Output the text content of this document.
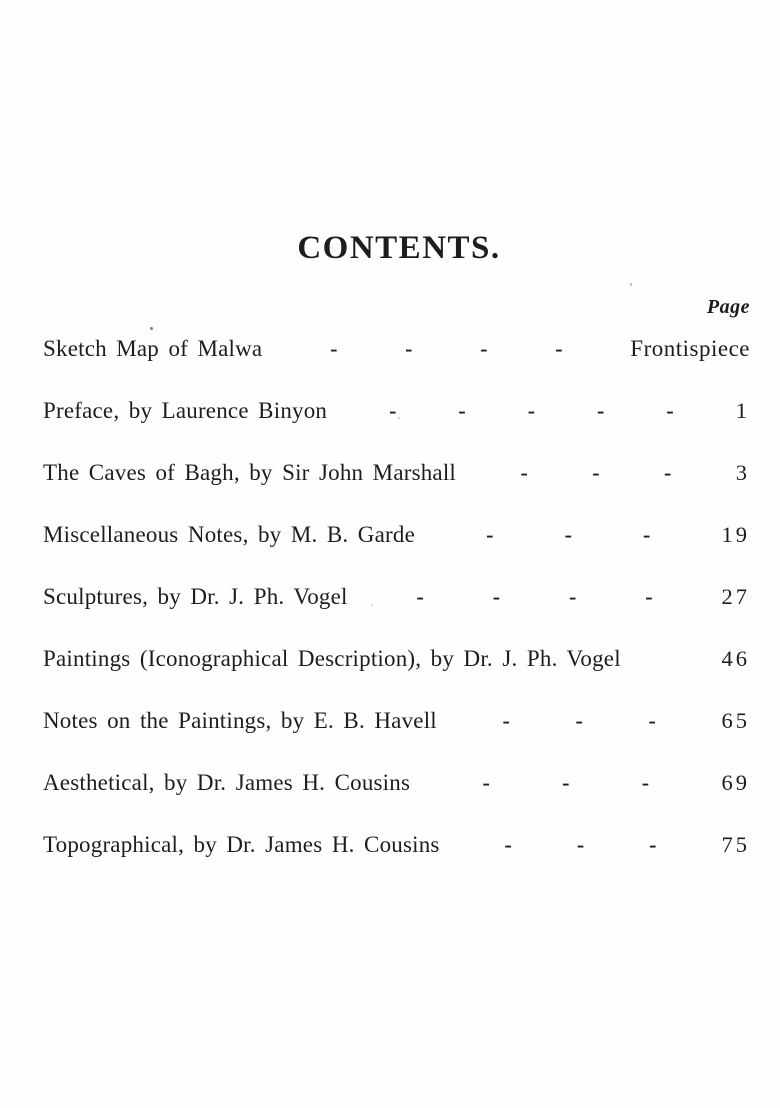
CONTENTS.
Page
Sketch Map of Malwa	-	-	-	-	Frontispiece
Preface, by Laurence Binyon	-	-	-	-	-	1
The Caves of Bagh, by Sir John Marshall	-	-	-	3
Miscellaneous Notes, by M. B. Garde	-	-	-	19
Sculptures, by Dr. J. Ph. Vogel	-	-	-	-	27
Paintings (Iconographical Description), by Dr. J. Ph. Vogel	46
Notes on the Paintings, by E. B. Havell	-	-	-	65
Aesthetical, by Dr. James H. Cousins	-	-	-	69
Topographical, by Dr. James H. Cousins	-	-	-	75
